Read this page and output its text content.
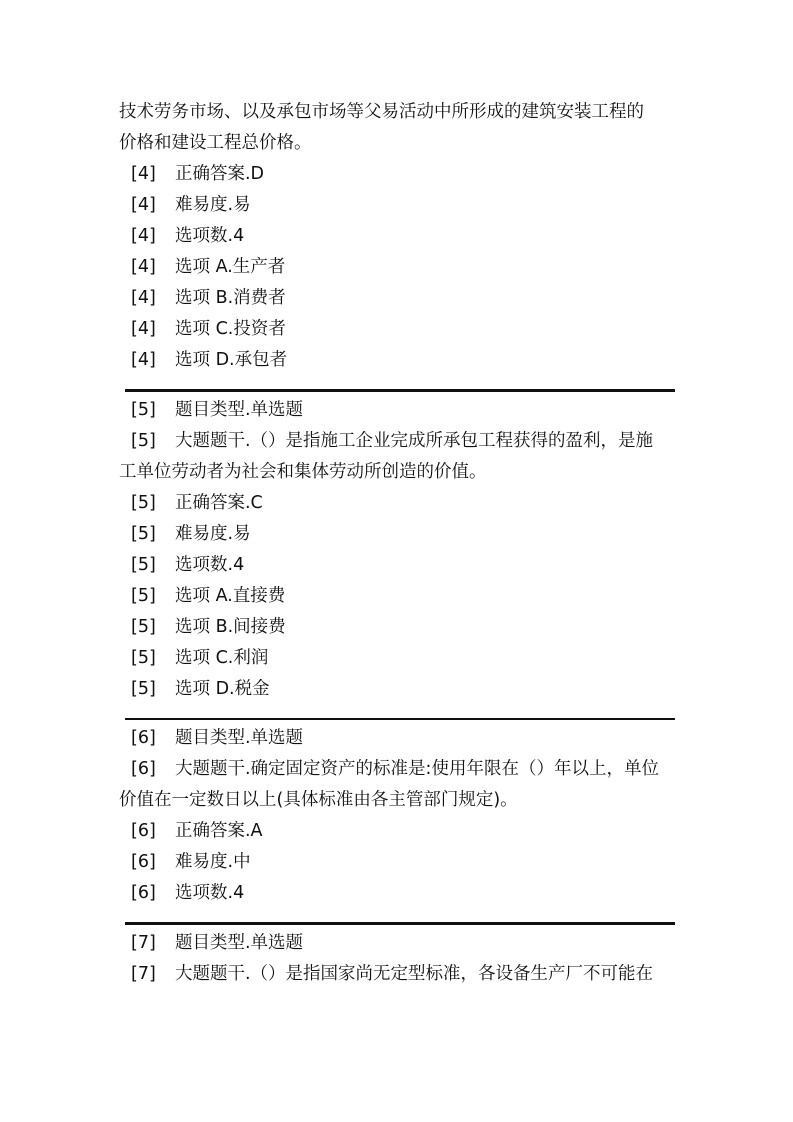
技术劳务市场、以及承包市场等父易活动中所形成的建筑安装工程的
价格和建设工程总价格。
[4] 正确答案.D
[4] 难易度.易
[4] 选项数.4
[4] 选项 A.生产者
[4] 选项 B.消费者
[4] 选项 C.投资者
[4] 选项 D.承包者
[5] 题目类型.单选题
[5] 大题题干.（）是指施工企业完成所承包工程获得的盈利，是施
工单位劳动者为社会和集体劳动所创造的价值。
[5] 正确答案.C
[5] 难易度.易
[5] 选项数.4
[5] 选项 A.直接费
[5] 选项 B.间接费
[5] 选项 C.利润
[5] 选项 D.税金
[6] 题目类型.单选题
[6] 大题题干.确定固定资产的标准是:使用年限在（）年以上，单位
价值在一定数日以上(具体标准由各主管部门规定)。
[6] 正确答案.A
[6] 难易度.中
[6] 选项数.4
[7] 题目类型.单选题
[7] 大题题干.（）是指国家尚无定型标准，各设备生产厂不可能在
